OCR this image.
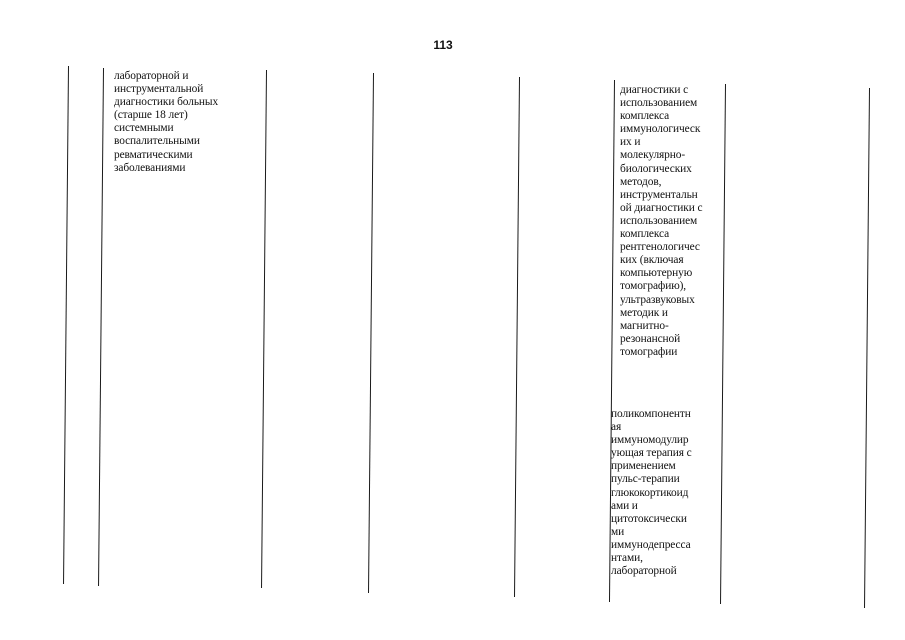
113
лабораторной и
инструментальной
диагностики больных
(старше 18 лет)
системными
воспалительными
ревматическими
заболеваниями
диагностики с
использованием
комплекса
иммунологическ
их и
молекулярно-
биологических
методов,
инструментальн
ой диагностики с
использованием
комплекса
рентгенологичес
ких (включая
компьютерную
томографию),
ультразвуковых
методик и
магнитно-
резонансной
томографии
поликомпонентн
ая
иммуномодулир
ующая терапия с
применением
пульс-терапии
глюкокортикоид
ами и
цитотоксически
ми
иммунодепресса
нтами,
лабораторной
